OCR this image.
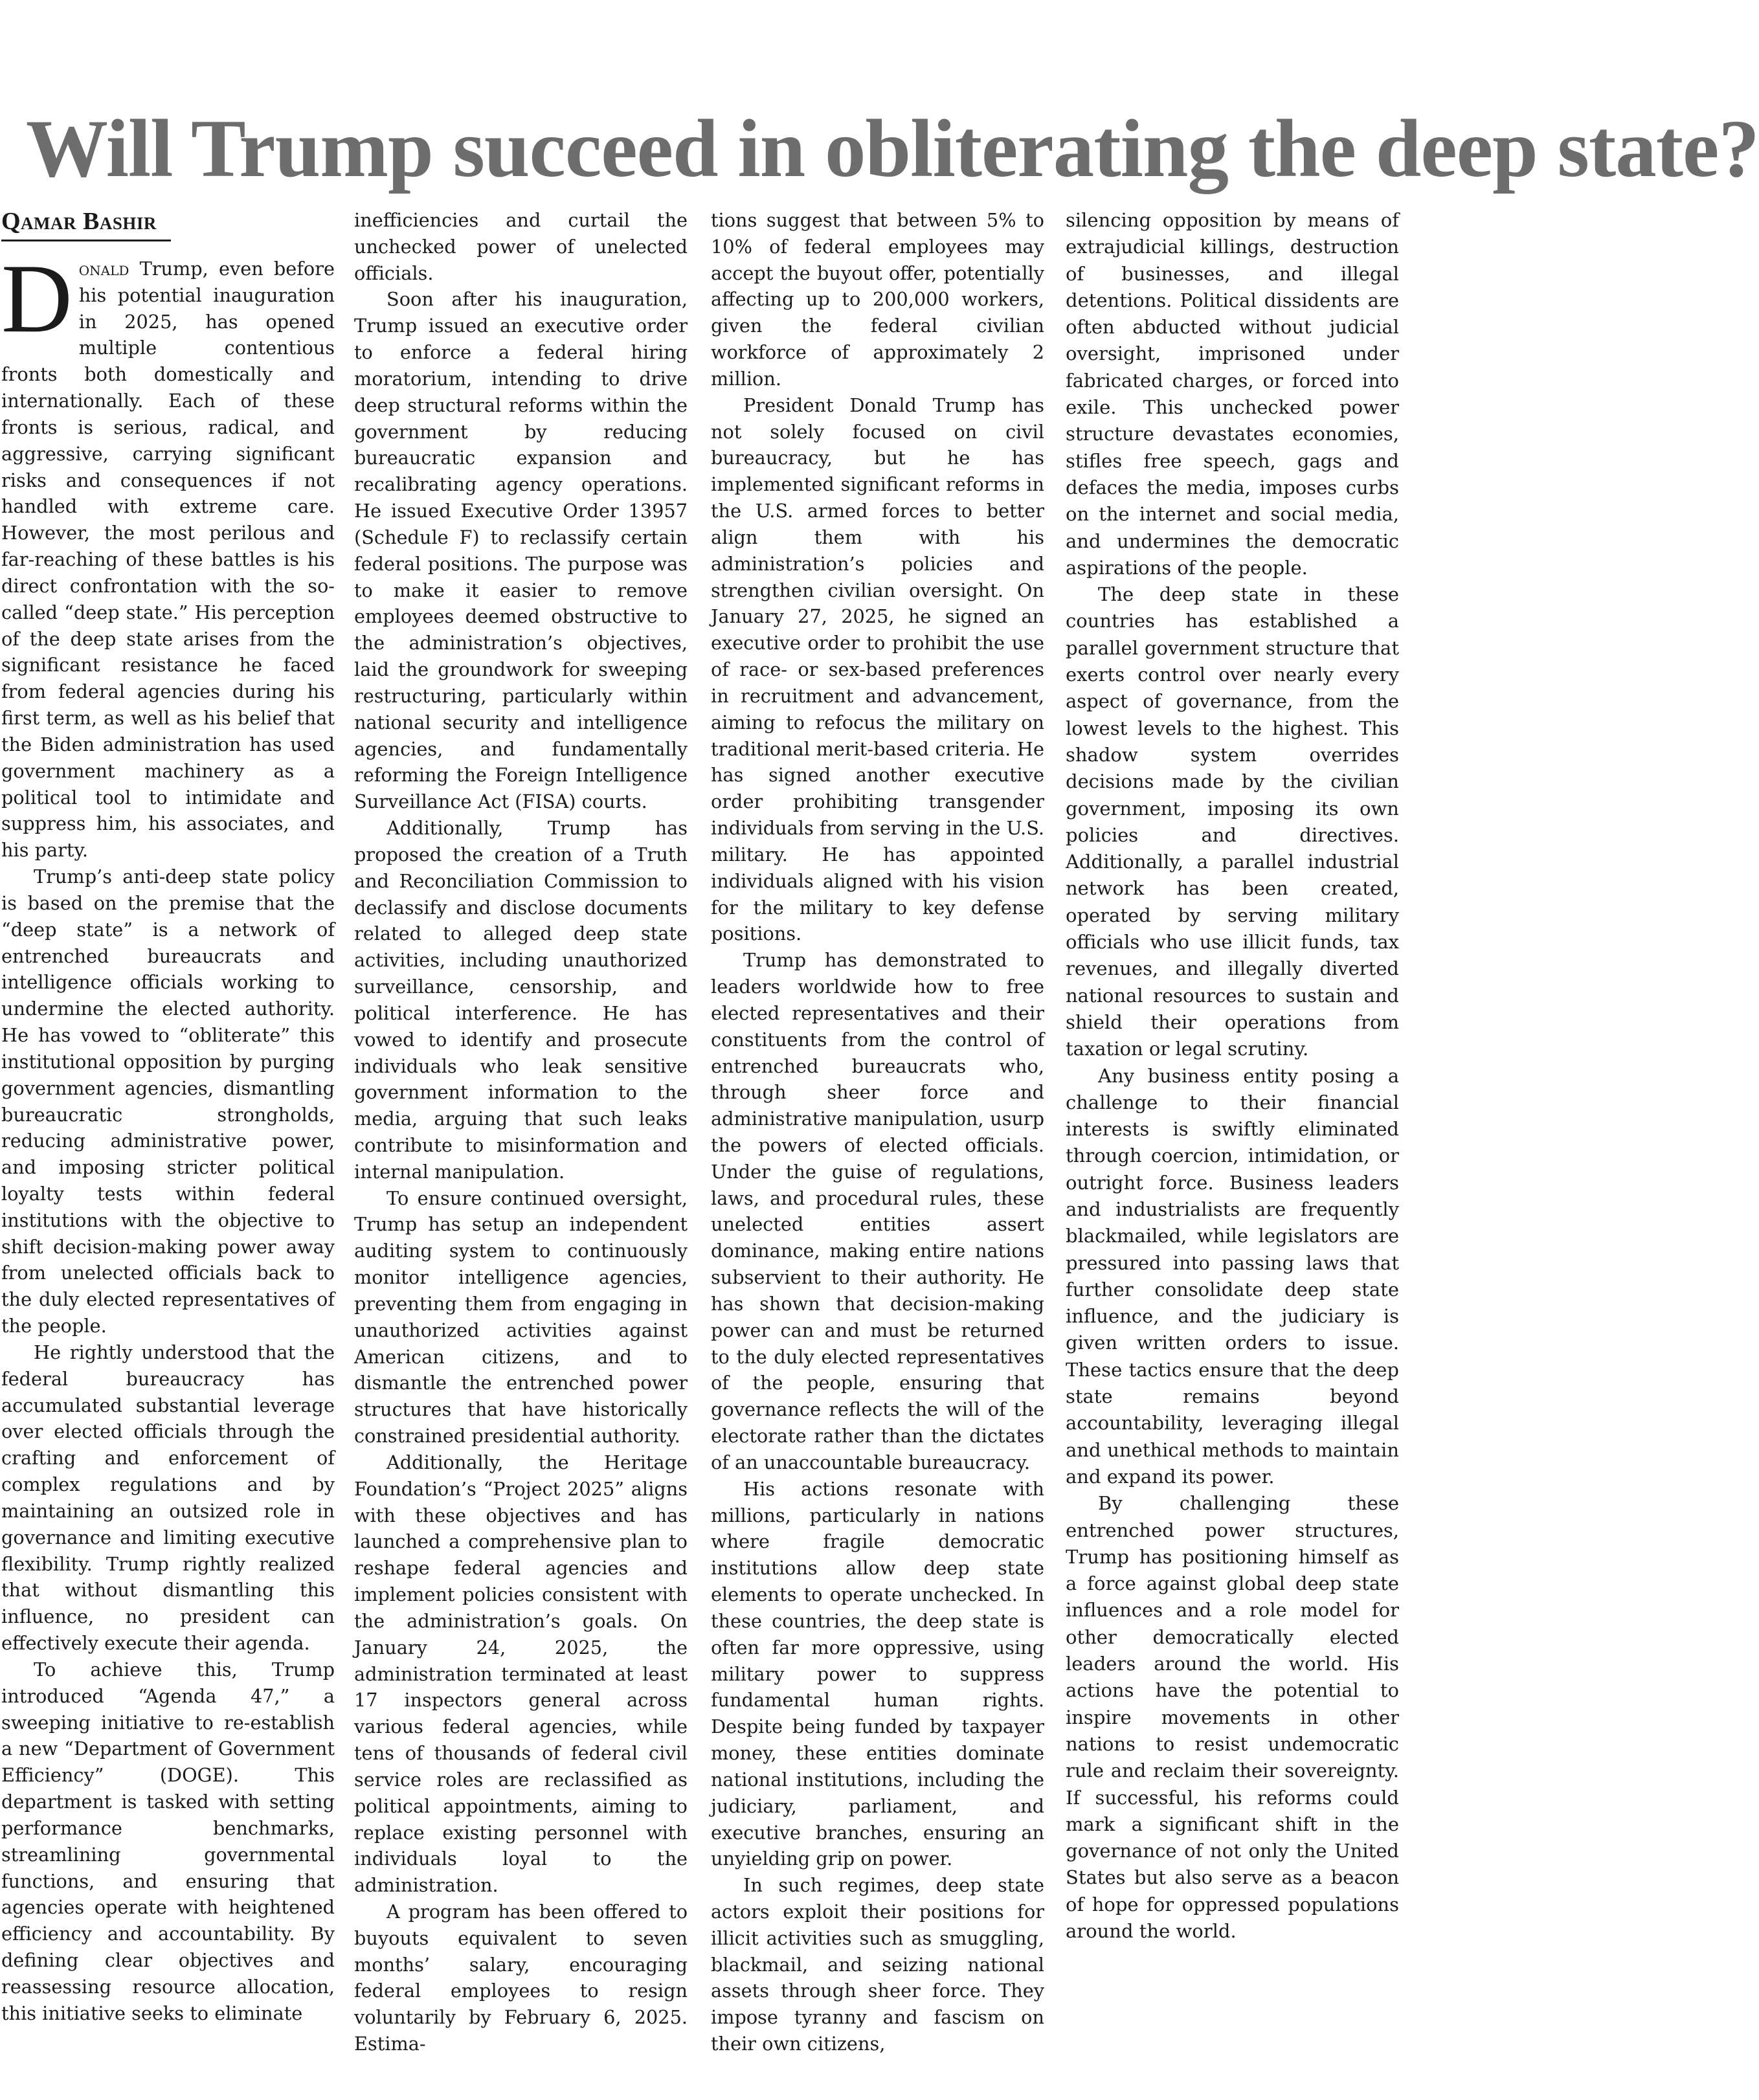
Will Trump succeed in obliterating the deep state?
Qamar Bashir

Donald Trump, even before his potential inauguration in 2025, has opened multiple contentious fronts both domestically and internationally. Each of these fronts is serious, radical, and aggressive, carrying significant risks and consequences if not handled with extreme care. However, the most perilous and far-reaching of these battles is his direct confrontation with the so-called “deep state.” His perception of the deep state arises from the significant resistance he faced from federal agencies during his first term, as well as his belief that the Biden administration has used government machinery as a political tool to intimidate and suppress him, his associates, and his party.

Trump’s anti-deep state policy is based on the premise that the “deep state” is a network of entrenched bureaucrats and intelligence officials working to undermine the elected authority. He has vowed to “obliterate” this institutional opposition by purging government agencies, dismantling bureaucratic strongholds, reducing administrative power, and imposing stricter political loyalty tests within federal institutions with the objective to shift decision-making power away from unelected officials back to the duly elected representatives of the people.

He rightly understood that the federal bureaucracy has accumulated substantial leverage over elected officials through the crafting and enforcement of complex regulations and by maintaining an outsized role in governance and limiting executive flexibility. Trump rightly realized that without dismantling this influence, no president can effectively execute their agenda.

To achieve this, Trump introduced “Agenda 47,” a sweeping initiative to re-establish a new “Department of Government Efficiency” (DOGE). This department is tasked with setting performance benchmarks, streamlining governmental functions, and ensuring that agencies operate with heightened efficiency and accountability. By defining clear objectives and reassessing resource allocation, this initiative seeks to eliminate

inefficiencies and curtail the unchecked power of unelected officials.

Soon after his inauguration, Trump issued an executive order to enforce a federal hiring moratorium, intending to drive deep structural reforms within the government by reducing bureaucratic expansion and recalibrating agency operations. He issued Executive Order 13957 (Schedule F) to reclassify certain federal positions. The purpose was to make it easier to remove employees deemed obstructive to the administration’s objectives, laid the groundwork for sweeping restructuring, particularly within national security and intelligence agencies, and fundamentally reforming the Foreign Intelligence Surveillance Act (FISA) courts.

Additionally, Trump has proposed the creation of a Truth and Reconciliation Commission to declassify and disclose documents related to alleged deep state activities, including unauthorized surveillance, censorship, and political interference. He has vowed to identify and prosecute individuals who leak sensitive government information to the media, arguing that such leaks contribute to misinformation and internal manipulation.

To ensure continued oversight, Trump has setup an independent auditing system to continuously monitor intelligence agencies, preventing them from engaging in unauthorized activities against American citizens, and to dismantle the entrenched power structures that have historically constrained presidential authority.

Additionally, the Heritage Foundation’s “Project 2025” aligns with these objectives and has launched a comprehensive plan to reshape federal agencies and implement policies consistent with the administration’s goals. On January 24, 2025, the administration terminated at least 17 inspectors general across various federal agencies, while tens of thousands of federal civil service roles are reclassified as political appointments, aiming to replace existing personnel with individuals loyal to the administration.

A program has been offered to buyouts equivalent to seven months’ salary, encouraging federal employees to resign voluntarily by February 6, 2025. Estima-

tions suggest that between 5% to 10% of federal employees may accept the buyout offer, potentially affecting up to 200,000 workers, given the federal civilian workforce of approximately 2 million.

President Donald Trump has not solely focused on civil bureaucracy, but he has implemented significant reforms in the U.S. armed forces to better align them with his administration’s policies and strengthen civilian oversight. On January 27, 2025, he signed an executive order to prohibit the use of race- or sex-based preferences in recruitment and advancement, aiming to refocus the military on traditional merit-based criteria. He has signed another executive order prohibiting transgender individuals from serving in the U.S. military. He has appointed individuals aligned with his vision for the military to key defense positions.

Trump has demonstrated to leaders worldwide how to free elected representatives and their constituents from the control of entrenched bureaucrats who, through sheer force and administrative manipulation, usurp the powers of elected officials. Under the guise of regulations, laws, and procedural rules, these unelected entities assert dominance, making entire nations subservient to their authority. He has shown that decision-making power can and must be returned to the duly elected representatives of the people, ensuring that governance reflects the will of the electorate rather than the dictates of an unaccountable bureaucracy.

His actions resonate with millions, particularly in nations where fragile democratic institutions allow deep state elements to operate unchecked. In these countries, the deep state is often far more oppressive, using military power to suppress fundamental human rights. Despite being funded by taxpayer money, these entities dominate national institutions, including the judiciary, parliament, and executive branches, ensuring an unyielding grip on power.

In such regimes, deep state actors exploit their positions for illicit activities such as smuggling, blackmail, and seizing national assets through sheer force. They impose tyranny and fascism on their own citizens,

silencing opposition by means of extrajudicial killings, destruction of businesses, and illegal detentions. Political dissidents are often abducted without judicial oversight, imprisoned under fabricated charges, or forced into exile. This unchecked power structure devastates economies, stifles free speech, gags and defaces the media, imposes curbs on the internet and social media, and undermines the democratic aspirations of the people.

The deep state in these countries has established a parallel government structure that exerts control over nearly every aspect of governance, from the lowest levels to the highest. This shadow system overrides decisions made by the civilian government, imposing its own policies and directives. Additionally, a parallel industrial network has been created, operated by serving military officials who use illicit funds, tax revenues, and illegally diverted national resources to sustain and shield their operations from taxation or legal scrutiny.

Any business entity posing a challenge to their financial interests is swiftly eliminated through coercion, intimidation, or outright force. Business leaders and industrialists are frequently blackmailed, while legislators are pressured into passing laws that further consolidate deep state influence, and the judiciary is given written orders to issue. These tactics ensure that the deep state remains beyond accountability, leveraging illegal and unethical methods to maintain and expand its power.

By challenging these entrenched power structures, Trump has positioning himself as a force against global deep state influences and a role model for other democratically elected leaders around the world. His actions have the potential to inspire movements in other nations to resist undemocratic rule and reclaim their sovereignty. If successful, his reforms could mark a significant shift in the governance of not only the United States but also serve as a beacon of hope for oppressed populations around the world.
